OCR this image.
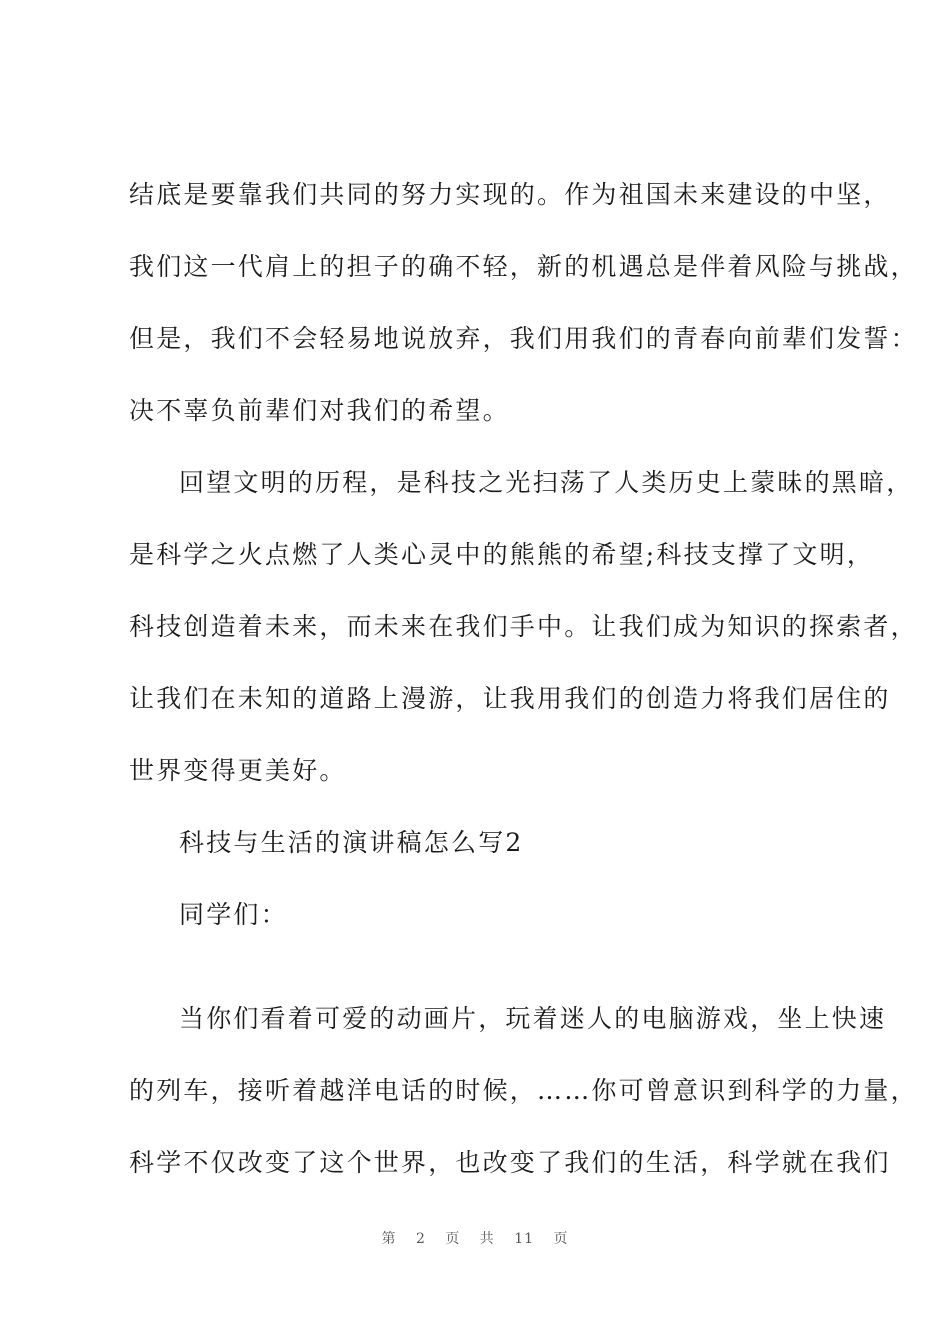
结底是要靠我们共同的努力实现的。作为祖国未来建设的中坚，
我们这一代肩上的担子的确不轻，新的机遇总是伴着风险与挑战，
但是，我们不会轻易地说放弃，我们用我们的青春向前辈们发誓：
决不辜负前辈们对我们的希望。
回望文明的历程，是科技之光扫荡了人类历史上蒙昧的黑暗，
是科学之火点燃了人类心灵中的熊熊的希望;科技支撑了文明，
科技创造着未来，而未来在我们手中。让我们成为知识的探索者，
让我们在未知的道路上漫游，让我用我们的创造力将我们居住的
世界变得更美好。
科技与生活的演讲稿怎么写2
同学们：
当你们看着可爱的动画片，玩着迷人的电脑游戏，坐上快速
的列车，接听着越洋电话的时候，……你可曾意识到科学的力量，
科学不仅改变了这个世界，也改变了我们的生活，科学就在我们
第 2 页 共 11 页
